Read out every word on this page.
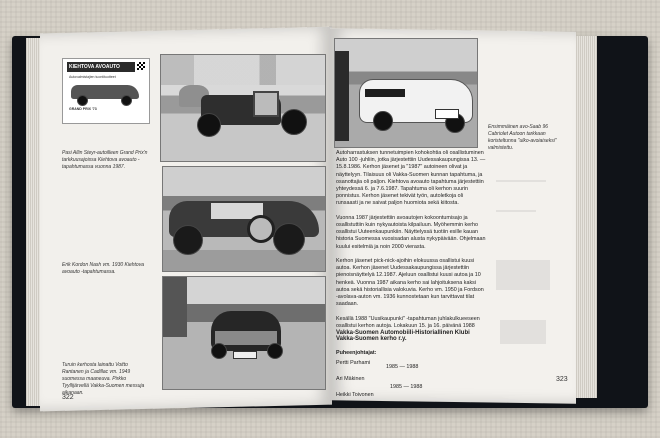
KIEHTOVA AVOAUTO
Autovalmistajien tuontituotteet
GRAND PRIX '73
Pasi Allin Steyr-autoilleen Grand Prix'n tarkkuusajoissa Kiehtova avoauto -tapahtumassa vuonna 1987.
Erik Kordon Nash vm. 1930 Kiehtova avoauto -tapahtumassa.
Turuin kerhosta lainattu Voitto Rantanen ja Cadillac vm. 1949 suomessa maaneuva. Pirkko Tyyllijärvellä Vakka-Suomen messuja aikanaan.
322
Ensimmäinen avo-Saab 96 Cabriolet Autoon tarkkaan koristeltunna "ulko-avoiaiseksi" valmistettu.
Autoharrastuksen tunnetuimpien kohokohtia oli osallistuminen Auto 100 -juhliin, jotka järjestettiin Uudessakaupungissa 13. — 15.8.1986. Kerhon jäsenet ja "1987" autoineen olivat ja näyttelyyn. Tilaisuus oli Vakka-Suomen kunnan tapahtuma, ja osanottajia oli paljon. Kiehtova avoauto tapahtuma järjestettiin yhteydessä 6. ja 7.6.1987. Tapahtuma oli kerhon suurin ponnistus. Kerhon jäsenet tekivät työn, autoletkoja oli runsaasti ja ne saivat paljon huomiota sekä kiitosta.

Vuonna 1987 järjestettiin avoautojen kokoontumisajo ja osallistuttiin kuin nykyautoista kilpailuun. Myöhemmin kerho osallistui Uuteenkaupunkiin. Näyttelyssä tuotiin esille kauan historia Suomessa vuosisadan alusta nykypäivään. Ohjelmaan kuului esitelmiä ja noin 2000 vierasta.

Kerhon jäsenet pick-nick-ajoihin elokuussa osallistui kuusi autoa. Kerhon jäsenet Uudessakaupungissa järjestettiin pienoisnäyttelyä 12.1987. Ajeluun osallistui kuusi autoa ja 10 henkeä. Vuonna 1987 aikana kerho sai lahjoituksena kaksi autoa sekä historiallisia valokuvia. Kerho vm. 1950 ja Fordson -avolava-auton vm. 1936 kunnostetaan kun tarvittavat tilat saadaan.

Kesällä 1988 "Uusikaupunki" -tapahtuman juhlakulkueeseen osallistui kerhon autoja. Lokakuun 15. ja 16. päivänä 1988

Vakka-Suomen Automobiili-Historiallinen Klubi Vakka-Suomen kerho r.y.
Puheenjohtajat:
Pertti Parhami
1985 — 1988
Ari Mäkinen
1985 — 1988
Heikki Toivonen
323
